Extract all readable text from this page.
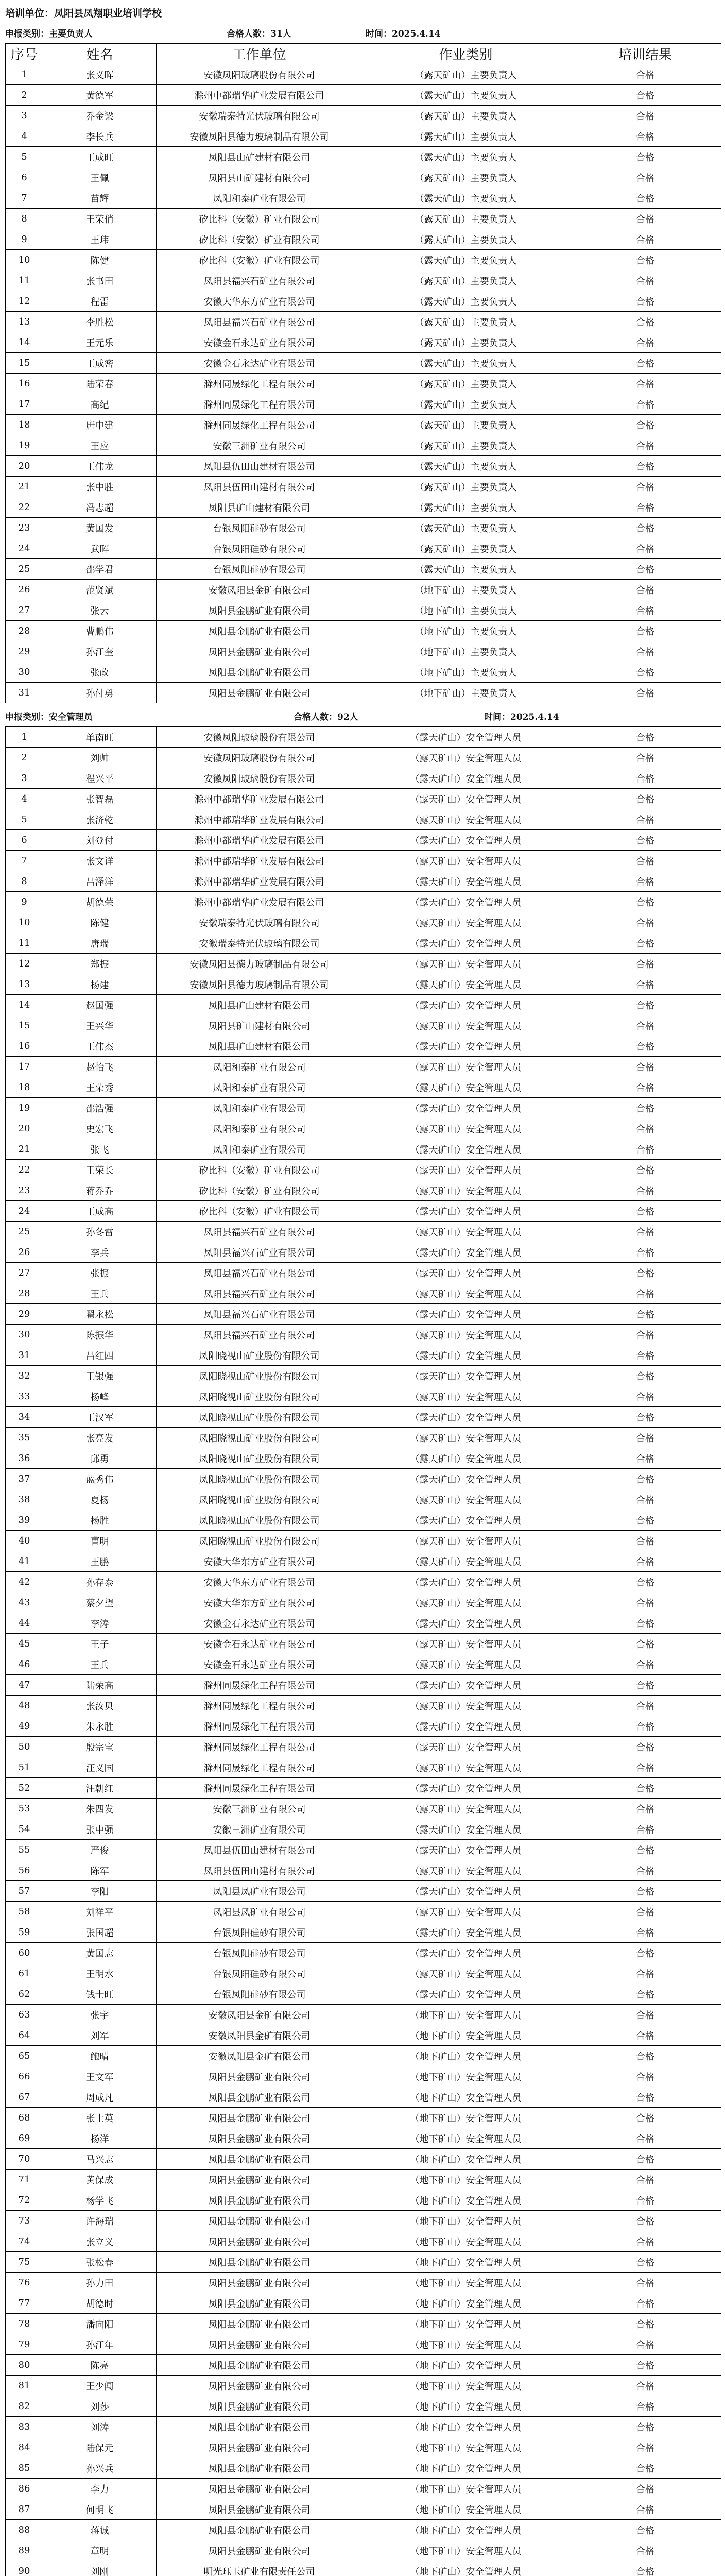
培训单位：凤阳县凤翔职业培训学校
申报类别：主要负责人	合格人数：31人	时间：2025.4.14
序号	姓名	工作单位	作业类别	培训结果
1	张义晖	安徽凤阳玻璃股份有限公司	（露天矿山）主要负责人	合格
2	黄德军	滁州中都瑞华矿业发展有限公司	（露天矿山）主要负责人	合格
3	乔金梁	安徽瑞泰特光伏玻璃有限公司	（露天矿山）主要负责人	合格
4	李长兵	安徽凤阳县德力玻璃制品有限公司	（露天矿山）主要负责人	合格
5	王成旺	凤阳县山矿建材有限公司	（露天矿山）主要负责人	合格
6	王佩	凤阳县山矿建材有限公司	（露天矿山）主要负责人	合格
7	苗辉	凤阳和泰矿业有限公司	（露天矿山）主要负责人	合格
8	王荣俏	矽比科（安徽）矿业有限公司	（露天矿山）主要负责人	合格
9	王玮	矽比科（安徽）矿业有限公司	（露天矿山）主要负责人	合格
10	陈健	矽比科（安徽）矿业有限公司	（露天矿山）主要负责人	合格
11	张书田	凤阳县福兴石矿业有限公司	（露天矿山）主要负责人	合格
12	程雷	安徽大华东方矿业有限公司	（露天矿山）主要负责人	合格
13	李胜松	凤阳县福兴石矿业有限公司	（露天矿山）主要负责人	合格
14	王元乐	安徽金石永达矿业有限公司	（露天矿山）主要负责人	合格
15	王成密	安徽金石永达矿业有限公司	（露天矿山）主要负责人	合格
16	陆荣春	滁州同晟绿化工程有限公司	（露天矿山）主要负责人	合格
17	高纪	滁州同晟绿化工程有限公司	（露天矿山）主要负责人	合格
18	唐中建	滁州同晟绿化工程有限公司	（露天矿山）主要负责人	合格
19	王应	安徽三洲矿业有限公司	（露天矿山）主要负责人	合格
20	王伟龙	凤阳县伍田山建材有限公司	（露天矿山）主要负责人	合格
21	张中胜	凤阳县伍田山建材有限公司	（露天矿山）主要负责人	合格
22	冯志超	凤阳县矿山建材有限公司	（露天矿山）主要负责人	合格
23	黄国发	台银凤阳硅砂有限公司	（露天矿山）主要负责人	合格
24	武晖	台银凤阳硅砂有限公司	（露天矿山）主要负责人	合格
25	邵学君	台银凤阳硅砂有限公司	（露天矿山）主要负责人	合格
26	范贤斌	安徽凤阳县金矿有限公司	（地下矿山）主要负责人	合格
27	张云	凤阳县金鹏矿业有限公司	（地下矿山）主要负责人	合格
28	曹鹏伟	凤阳县金鹏矿业有限公司	（地下矿山）主要负责人	合格
29	孙江奎	凤阳县金鹏矿业有限公司	（地下矿山）主要负责人	合格
30	张政	凤阳县金鹏矿业有限公司	（地下矿山）主要负责人	合格
31	孙付勇	凤阳县金鹏矿业有限公司	（地下矿山）主要负责人	合格
申报类别：安全管理员	合格人数：92人	时间：2025.4.14
1	单南旺	安徽凤阳玻璃股份有限公司	（露天矿山）安全管理人员	合格
2	刘帅	安徽凤阳玻璃股份有限公司	（露天矿山）安全管理人员	合格
3	程兴平	安徽凤阳玻璃股份有限公司	（露天矿山）安全管理人员	合格
4	张智磊	滁州中都瑞华矿业发展有限公司	（露天矿山）安全管理人员	合格
5	张济乾	滁州中都瑞华矿业发展有限公司	（露天矿山）安全管理人员	合格
6	刘登付	滁州中都瑞华矿业发展有限公司	（露天矿山）安全管理人员	合格
7	张文详	滁州中都瑞华矿业发展有限公司	（露天矿山）安全管理人员	合格
8	吕泽洋	滁州中都瑞华矿业发展有限公司	（露天矿山）安全管理人员	合格
9	胡德荣	滁州中都瑞华矿业发展有限公司	（露天矿山）安全管理人员	合格
10	陈健	安徽瑞泰特光伏玻璃有限公司	（露天矿山）安全管理人员	合格
11	唐瑞	安徽瑞泰特光伏玻璃有限公司	（露天矿山）安全管理人员	合格
12	郑振	安徽凤阳县德力玻璃制品有限公司	（露天矿山）安全管理人员	合格
13	杨建	安徽凤阳县德力玻璃制品有限公司	（露天矿山）安全管理人员	合格
14	赵国强	凤阳县矿山建材有限公司	（露天矿山）安全管理人员	合格
15	王兴华	凤阳县矿山建材有限公司	（露天矿山）安全管理人员	合格
16	王伟杰	凤阳县矿山建材有限公司	（露天矿山）安全管理人员	合格
17	赵怡飞	凤阳和泰矿业有限公司	（露天矿山）安全管理人员	合格
18	王荣秀	凤阳和泰矿业有限公司	（露天矿山）安全管理人员	合格
19	邵浩强	凤阳和泰矿业有限公司	（露天矿山）安全管理人员	合格
20	史宏飞	凤阳和泰矿业有限公司	（露天矿山）安全管理人员	合格
21	张飞	凤阳和泰矿业有限公司	（露天矿山）安全管理人员	合格
22	王荣长	矽比科（安徽）矿业有限公司	（露天矿山）安全管理人员	合格
23	蒋乔乔	矽比科（安徽）矿业有限公司	（露天矿山）安全管理人员	合格
24	王成高	矽比科（安徽）矿业有限公司	（露天矿山）安全管理人员	合格
25	孙冬雷	凤阳县福兴石矿业有限公司	（露天矿山）安全管理人员	合格
26	李兵	凤阳县福兴石矿业有限公司	（露天矿山）安全管理人员	合格
27	张振	凤阳县福兴石矿业有限公司	（露天矿山）安全管理人员	合格
28	王兵	凤阳县福兴石矿业有限公司	（露天矿山）安全管理人员	合格
29	翟永松	凤阳县福兴石矿业有限公司	（露天矿山）安全管理人员	合格
30	陈振华	凤阳县福兴石矿业有限公司	（露天矿山）安全管理人员	合格
31	吕红四	凤阳晓视山矿业股份有限公司	（露天矿山）安全管理人员	合格
32	王银强	凤阳晓视山矿业股份有限公司	（露天矿山）安全管理人员	合格
33	杨峰	凤阳晓视山矿业股份有限公司	（露天矿山）安全管理人员	合格
34	王汉军	凤阳晓视山矿业股份有限公司	（露天矿山）安全管理人员	合格
35	张亮发	凤阳晓视山矿业股份有限公司	（露天矿山）安全管理人员	合格
36	邱勇	凤阳晓视山矿业股份有限公司	（露天矿山）安全管理人员	合格
37	蓝秀伟	凤阳晓视山矿业股份有限公司	（露天矿山）安全管理人员	合格
38	夏杨	凤阳晓视山矿业股份有限公司	（露天矿山）安全管理人员	合格
39	杨胜	凤阳晓视山矿业股份有限公司	（露天矿山）安全管理人员	合格
40	曹明	凤阳晓视山矿业股份有限公司	（露天矿山）安全管理人员	合格
41	王鹏	安徽大华东方矿业有限公司	（露天矿山）安全管理人员	合格
42	孙存泰	安徽大华东方矿业有限公司	（露天矿山）安全管理人员	合格
43	蔡夕望	安徽大华东方矿业有限公司	（露天矿山）安全管理人员	合格
44	李涛	安徽金石永达矿业有限公司	（露天矿山）安全管理人员	合格
45	王子	安徽金石永达矿业有限公司	（露天矿山）安全管理人员	合格
46	王兵	安徽金石永达矿业有限公司	（露天矿山）安全管理人员	合格
47	陆荣高	滁州同晟绿化工程有限公司	（露天矿山）安全管理人员	合格
48	张汝贝	滁州同晟绿化工程有限公司	（露天矿山）安全管理人员	合格
49	朱永胜	滁州同晟绿化工程有限公司	（露天矿山）安全管理人员	合格
50	殷宗宝	滁州同晟绿化工程有限公司	（露天矿山）安全管理人员	合格
51	汪义国	滁州同晟绿化工程有限公司	（露天矿山）安全管理人员	合格
52	汪朝红	滁州同晟绿化工程有限公司	（露天矿山）安全管理人员	合格
53	朱四发	安徽三洲矿业有限公司	（露天矿山）安全管理人员	合格
54	张中强	安徽三洲矿业有限公司	（露天矿山）安全管理人员	合格
55	严俊	凤阳县伍田山建材有限公司	（露天矿山）安全管理人员	合格
56	陈军	凤阳县伍田山建材有限公司	（露天矿山）安全管理人员	合格
57	李阳	凤阳县凤矿业有限公司	（露天矿山）安全管理人员	合格
58	刘祥平	凤阳县凤矿业有限公司	（露天矿山）安全管理人员	合格
59	张国超	台银凤阳硅砂有限公司	（露天矿山）安全管理人员	合格
60	黄国志	台银凤阳硅砂有限公司	（露天矿山）安全管理人员	合格
61	王明水	台银凤阳硅砂有限公司	（露天矿山）安全管理人员	合格
62	钱士旺	台银凤阳硅砂有限公司	（露天矿山）安全管理人员	合格
63	张宇	安徽凤阳县金矿有限公司	（地下矿山）安全管理人员	合格
64	刘军	安徽凤阳县金矿有限公司	（地下矿山）安全管理人员	合格
65	鲍晴	安徽凤阳县金矿有限公司	（地下矿山）安全管理人员	合格
66	王文军	凤阳县金鹏矿业有限公司	（地下矿山）安全管理人员	合格
67	周成凡	凤阳县金鹏矿业有限公司	（地下矿山）安全管理人员	合格
68	张士英	凤阳县金鹏矿业有限公司	（地下矿山）安全管理人员	合格
69	杨洋	凤阳县金鹏矿业有限公司	（地下矿山）安全管理人员	合格
70	马兴志	凤阳县金鹏矿业有限公司	（地下矿山）安全管理人员	合格
71	黄保成	凤阳县金鹏矿业有限公司	（地下矿山）安全管理人员	合格
72	杨学飞	凤阳县金鹏矿业有限公司	（地下矿山）安全管理人员	合格
73	许海瑞	凤阳县金鹏矿业有限公司	（地下矿山）安全管理人员	合格
74	张立义	凤阳县金鹏矿业有限公司	（地下矿山）安全管理人员	合格
75	张松春	凤阳县金鹏矿业有限公司	（地下矿山）安全管理人员	合格
76	孙力田	凤阳县金鹏矿业有限公司	（地下矿山）安全管理人员	合格
77	胡德时	凤阳县金鹏矿业有限公司	（地下矿山）安全管理人员	合格
78	潘向阳	凤阳县金鹏矿业有限公司	（地下矿山）安全管理人员	合格
79	孙江年	凤阳县金鹏矿业有限公司	（地下矿山）安全管理人员	合格
80	陈亮	凤阳县金鹏矿业有限公司	（地下矿山）安全管理人员	合格
81	王少闯	凤阳县金鹏矿业有限公司	（地下矿山）安全管理人员	合格
82	刘莎	凤阳县金鹏矿业有限公司	（地下矿山）安全管理人员	合格
83	刘涛	凤阳县金鹏矿业有限公司	（地下矿山）安全管理人员	合格
84	陆保元	凤阳县金鹏矿业有限公司	（地下矿山）安全管理人员	合格
85	孙兴兵	凤阳县金鹏矿业有限公司	（地下矿山）安全管理人员	合格
86	李力	凤阳县金鹏矿业有限公司	（地下矿山）安全管理人员	合格
87	何明飞	凤阳县金鹏矿业有限公司	（地下矿山）安全管理人员	合格
88	蒋诚	凤阳县金鹏矿业有限公司	（地下矿山）安全管理人员	合格
89	章明	凤阳县金鹏矿业有限公司	（地下矿山）安全管理人员	合格
90	刘刚	明光珏玉矿业有限责任公司	（地下矿山）安全管理人员	合格
